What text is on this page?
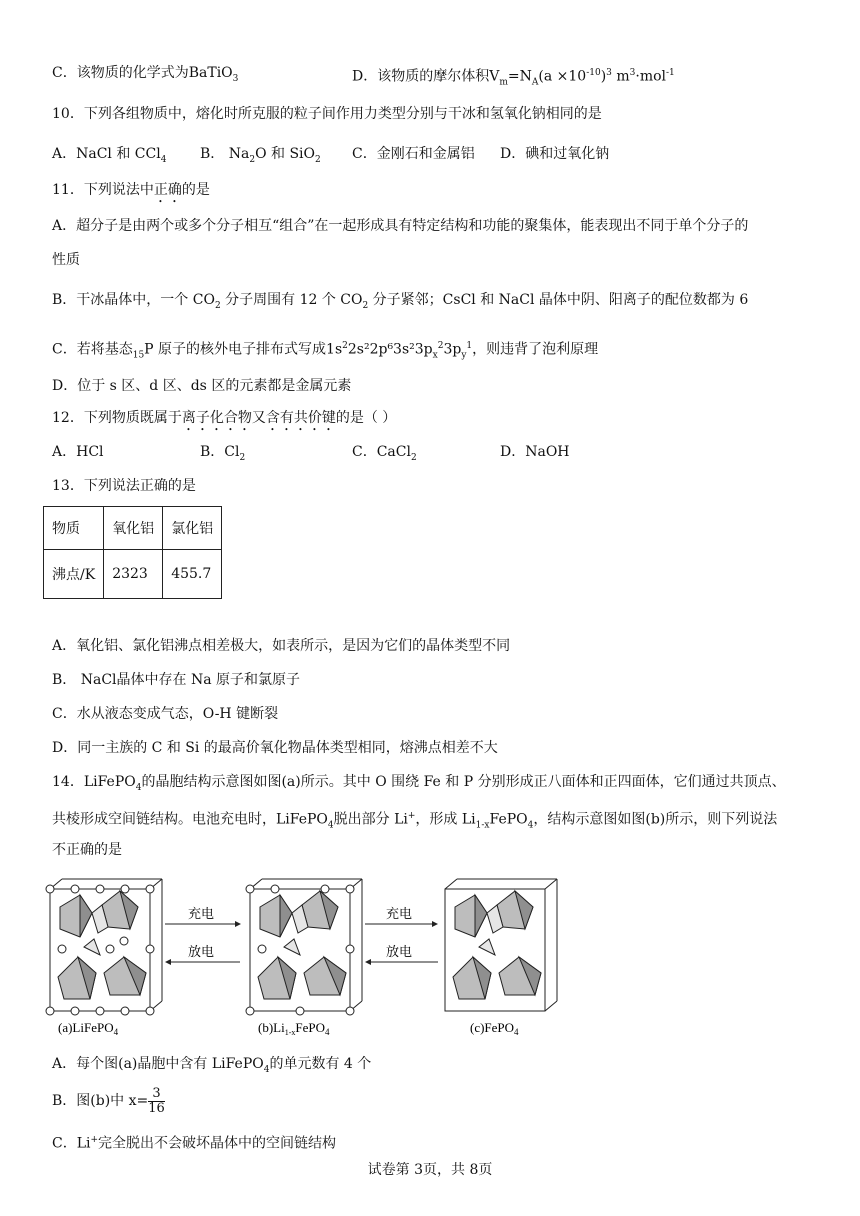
C．该物质的化学式为BaTiO$_3$	D．该物质的摩尔体积$V_m=N_A(a \times 10^{-10})^3$ $m^3\cdot mol^{-1}$
10．下列各组物质中，熔化时所克服的粒子间作用力类型分别与干冰和氢氧化钠相同的是
A．NaCl 和 CCl$_4$ B． $Na_2O$ 和 SiO$_2$ C．金刚石和金属铝 D．碘和过氧化钠
11．下列说法中正确的是
A．超分子是由两个或多个分子相互“组合”在一起形成具有特定结构和功能的聚集体，能表现出不同于单个分子的
性质
B．干冰晶体中，一个 $CO_2$ 分子周围有 12 个 $CO_2$ 分子紧邻；CsCl 和 NaCl 晶体中阴、阳离子的配位数都为 6
C．若将基态$_{15}$P 原子的核外电子排布式写成$1s^22s^22p^63s^23p_x^23p_y^1$，则违背了泡利原理
D．位于 s 区、d 区、ds 区的元素都是金属元素
12．下列物质既属于离子化合物又含有共价键的是（ ）
A．HCl	B．$Cl_2$	C．CaCl$_2$	D．NaOH
13．下列说法正确的是
物质	氧化铝	氯化铝
沸点/K	2323	455.7
A．氧化铝、氯化铝沸点相差极大，如表所示，是因为它们的晶体类型不同
B． NaCl晶体中存在 Na 原子和氯原子
C．水从液态变成气态，O-H 键断裂
D．同一主族的 C 和 Si 的最高价氧化物晶体类型相同，熔沸点相差不大
14．LiFePO$_4$的晶胞结构示意图如图(a)所示。其中 O 围绕 Fe 和 P 分别形成正八面体和正四面体，它们通过共顶点、
共棱形成空间链结构。电池充电时，LiFePO$_4$脱出部分 Li+，形成 $Li_{1-x}FePO_4$，结构示意图如图(b)所示，则下列说法
不正确的是
充电
放电
充电
放电
(a)LiFePO$_4$	$(b)Li_{1-x}FePO_4$	(c)FePO$_4$
A．每个图(a)晶胞中含有 LiFePO$_4$的单元数有 4 个
B．图(b)中 $x= \frac{3}{16}$
C．Li+完全脱出不会破坏晶体中的空间链结构
试卷第 3页，共 8页
